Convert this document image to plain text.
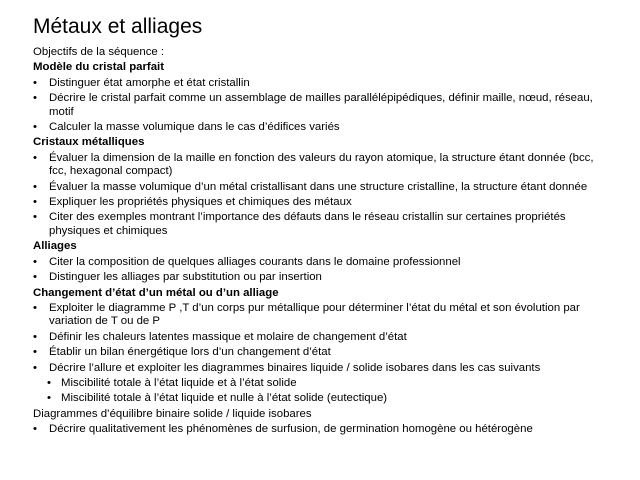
Métaux et alliages
Objectifs de la séquence :
Modèle du cristal parfait
• Distinguer état amorphe et état cristallin
• Décrire le cristal parfait comme un assemblage de mailles parallélépipédiques, définir maille, nœud, réseau, motif
• Calculer la masse volumique dans le cas d’édifices variés
Cristaux métalliques
• Évaluer la dimension de la maille en fonction des valeurs du rayon atomique, la structure étant donnée (bcc, fcc, hexagonal compact)
• Évaluer la masse volumique d’un métal cristallisant dans une structure cristalline, la structure étant donnée
• Expliquer les propriétés physiques et chimiques des métaux
• Citer des exemples montrant l’importance des défauts dans le réseau cristallin sur certaines propriétés physiques et chimiques
Alliages
• Citer la composition de quelques alliages courants dans le domaine professionnel
• Distinguer les alliages par substitution ou par insertion
Changement d’état d’un métal ou d’un alliage
• Exploiter le diagramme P ,T d’un corps pur métallique pour déterminer l’état du métal et son évolution par variation de T ou de P
• Définir les chaleurs latentes massique et molaire de changement d’état
• Établir un bilan énergétique lors d’un changement d’état
• Décrire l’allure et exploiter les diagrammes binaires liquide / solide isobares dans les cas suivants
• Miscibilité totale à l’état liquide et à l’état solide
• Miscibilité totale à l’état liquide et nulle à l’état solide (eutectique)
Diagrammes d’équilibre binaire solide / liquide isobares
• Décrire qualitativement les phénomènes de surfusion, de germination homogène ou hétérogène
